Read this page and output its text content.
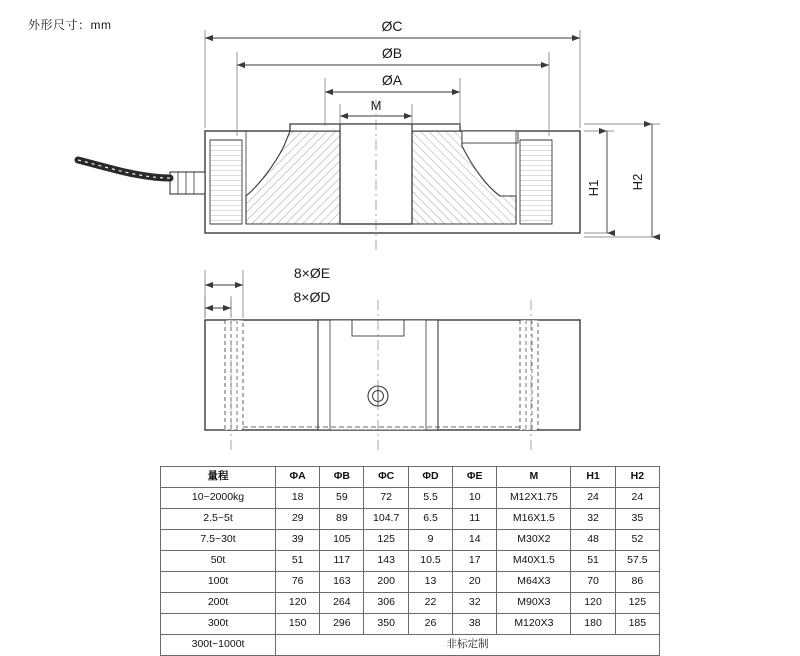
外形尺寸：mm	ØC
ØB
ØA
M
H1 H2
8×ØE
8×ØD
量程	ΦA	ΦB	ΦC	ΦD	ΦE	M	H1	H2
10~2000kg	18	59	72	5.5	10	M12X1.75	24	24
2.5~5t	29	89	104.7	6.5	11	M16X1.5	32	35
7.5~30t	39	105	125	9	14	M30X2	48	52
50t	51	117	143	10.5	17	M40X1.5	51	57.5
100t	76	163	200	13	20	M64X3	70	86
200t	120	264	306	22	32	M90X3	120	125
300t	150	296	350	26	38	M120X3	180	185
300t~1000t	非标定制							
